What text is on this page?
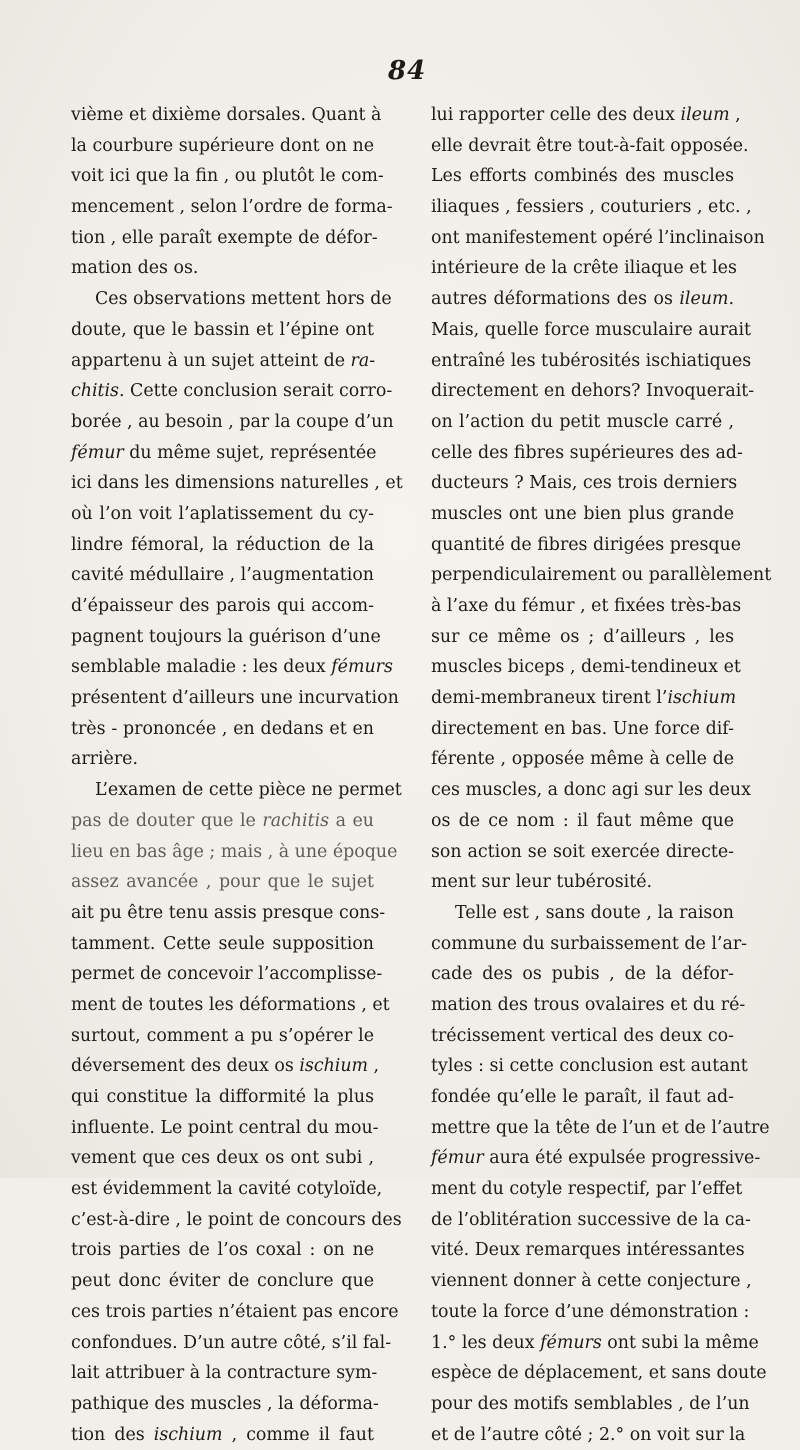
84
vième et dixième dorsales. Quant à
la courbure supérieure dont on ne
voit ici que la fin , ou plutôt le com-
mencement , selon l’ordre de forma-
tion , elle paraît exempte de défor-
mation des os.
Ces observations mettent hors de
doute, que le bassin et l’épine ont
appartenu à un sujet atteint de ra-
chitis. Cette conclusion serait corro-
borée , au besoin , par la coupe d’un
fémur du même sujet, représentée
ici dans les dimensions naturelles , et
où l’on voit l’aplatissement du cy-
lindre fémoral, la réduction de la
cavité médullaire , l’augmentation
d’épaisseur des parois qui accom-
pagnent toujours la guérison d’une
semblable maladie : les deux fémurs
présentent d’ailleurs une incurvation
très - prononcée , en dedans et en
arrière.
L’examen de cette pièce ne permet
pas de douter que le rachitis a eu
lieu en bas âge ; mais , à une époque
assez avancée , pour que le sujet
ait pu être tenu assis presque cons-
tamment. Cette seule supposition
permet de concevoir l’accomplisse-
ment de toutes les déformations , et
surtout, comment a pu s’opérer le
déversement des deux os ischium ,
qui constitue la difformité la plus
influente. Le point central du mou-
vement que ces deux os ont subi ,
est évidemment la cavité cotyloïde,
c’est-à-dire , le point de concours des
trois parties de l’os coxal : on ne
peut donc éviter de conclure que
ces trois parties n’étaient pas encore
confondues. D’un autre côté, s’il fal-
lait attribuer à la contracture sym-
pathique des muscles , la déforma-
tion des ischium , comme il faut
lui rapporter celle des deux ileum ,
elle devrait être tout-à-fait opposée.
Les efforts combinés des muscles
iliaques , fessiers , couturiers , etc. ,
ont manifestement opéré l’inclinaison
intérieure de la crête iliaque et les
autres déformations des os ileum.
Mais, quelle force musculaire aurait
entraîné les tubérosités ischiatiques
directement en dehors? Invoquerait-
on l’action du petit muscle carré ,
celle des fibres supérieures des ad-
ducteurs ? Mais, ces trois derniers
muscles ont une bien plus grande
quantité de fibres dirigées presque
perpendiculairement ou parallèlement
à l’axe du fémur , et fixées très-bas
sur ce même os ; d’ailleurs , les
muscles biceps , demi-tendineux et
demi-membraneux tirent l’ischium
directement en bas. Une force dif-
férente , opposée même à celle de
ces muscles, a donc agi sur les deux
os de ce nom : il faut même que
son action se soit exercée directe-
ment sur leur tubérosité.
Telle est , sans doute , la raison
commune du surbaissement de l’ar-
cade des os pubis , de la défor-
mation des trous ovalaires et du ré-
trécissement vertical des deux co-
tyles : si cette conclusion est autant
fondée qu’elle le paraît, il faut ad-
mettre que la tête de l’un et de l’autre
fémur aura été expulsée progressive-
ment du cotyle respectif, par l’effet
de l’oblitération successive de la ca-
vité. Deux remarques intéressantes
viennent donner à cette conjecture ,
toute la force d’une démonstration :
1.° les deux fémurs ont subi la même
espèce de déplacement, et sans doute
pour des motifs semblables , de l’un
et de l’autre côté ; 2.° on voit sur la
